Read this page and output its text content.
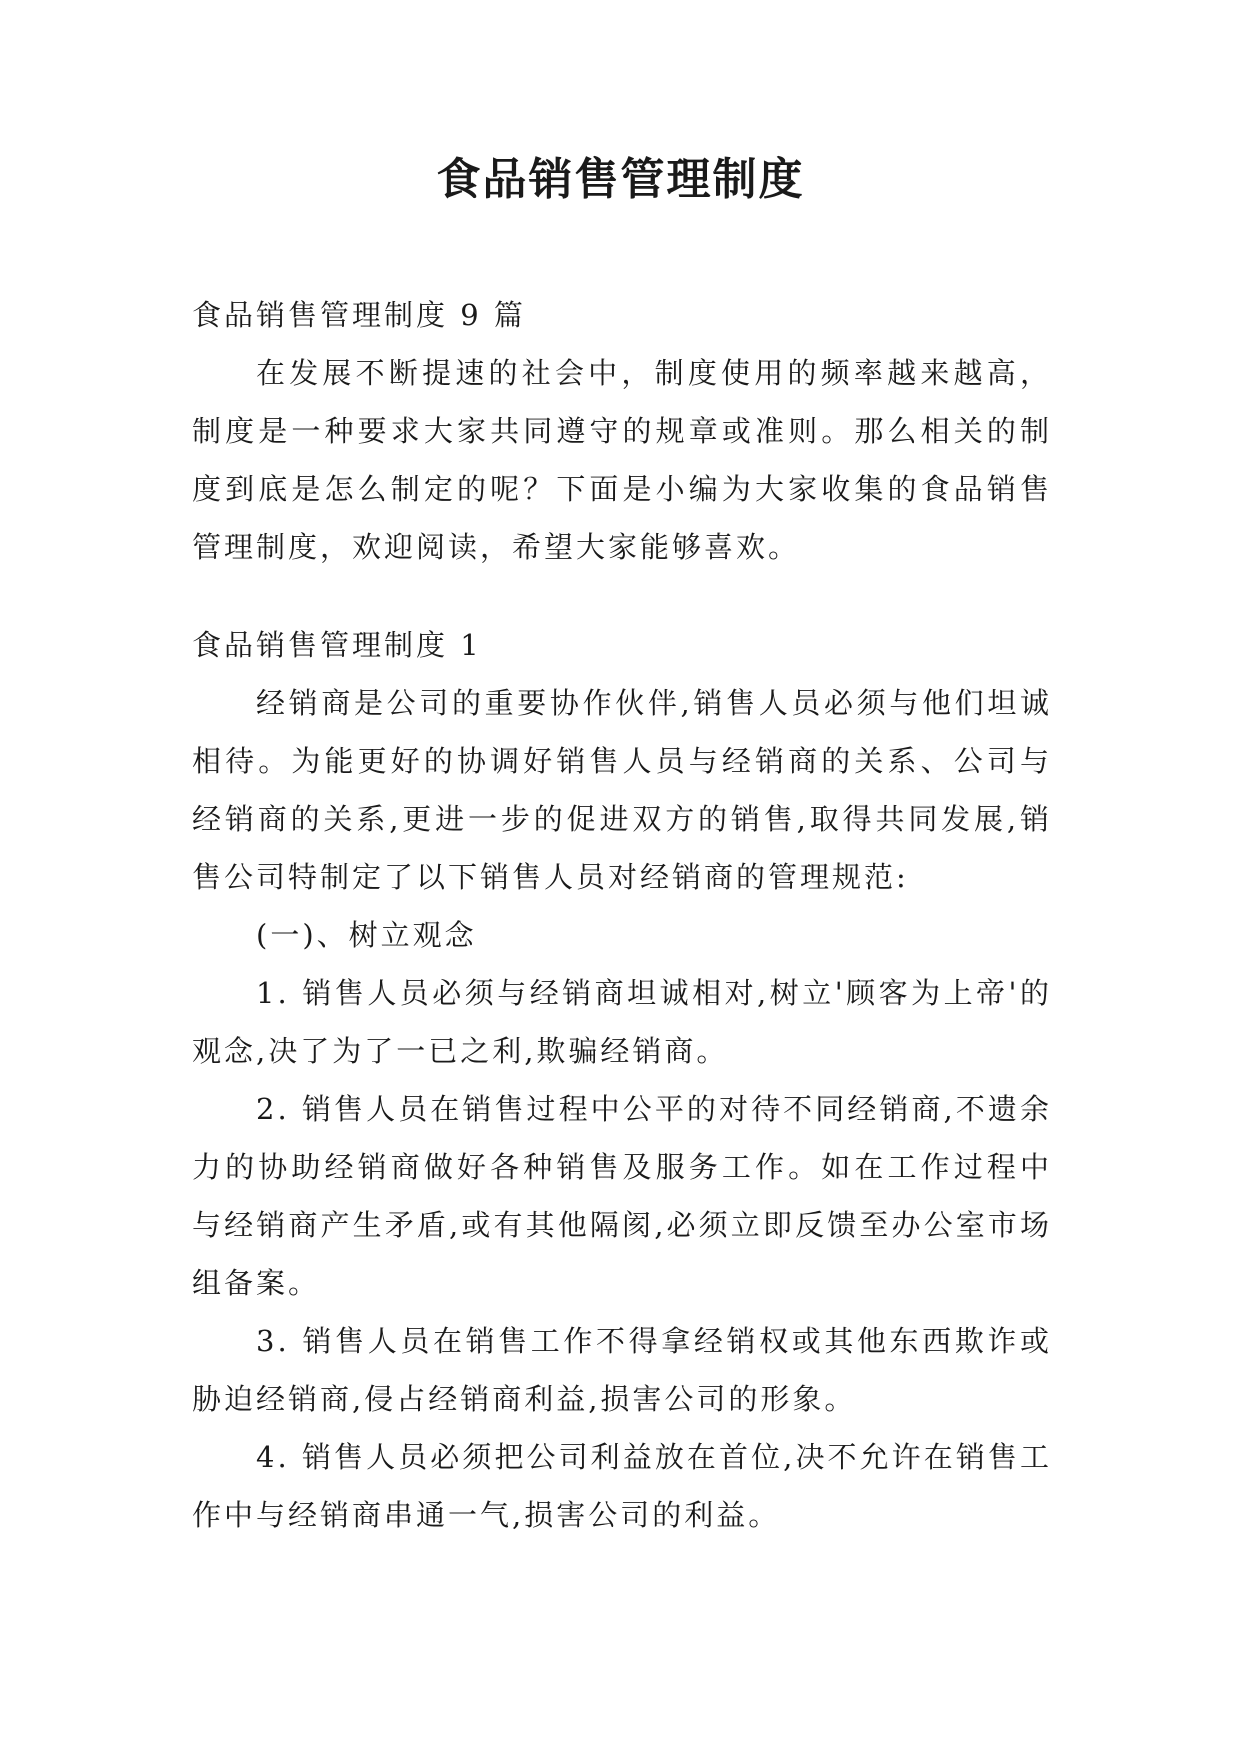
食品销售管理制度

食品销售管理制度 9 篇

在发展不断提速的社会中，制度使用的频率越来越高，制度是一种要求大家共同遵守的规章或准则。那么相关的制度到底是怎么制定的呢？下面是小编为大家收集的食品销售管理制度，欢迎阅读，希望大家能够喜欢。

食品销售管理制度 1

经销商是公司的重要协作伙伴,销售人员必须与他们坦诚相待。为能更好的协调好销售人员与经销商的关系、公司与经销商的关系,更进一步的促进双方的销售,取得共同发展,销售公司特制定了以下销售人员对经销商的管理规范:

(一)、树立观念

1. 销售人员必须与经销商坦诚相对,树立'顾客为上帝'的观念,决了为了一已之利,欺骗经销商。

2. 销售人员在销售过程中公平的对待不同经销商,不遗余力的协助经销商做好各种销售及服务工作。如在工作过程中与经销商产生矛盾,或有其他隔阂,必须立即反馈至办公室市场组备案。

3. 销售人员在销售工作不得拿经销权或其他东西欺诈或胁迫经销商,侵占经销商利益,损害公司的形象。

4. 销售人员必须把公司利益放在首位,决不允许在销售工作中与经销商串通一气,损害公司的利益。
